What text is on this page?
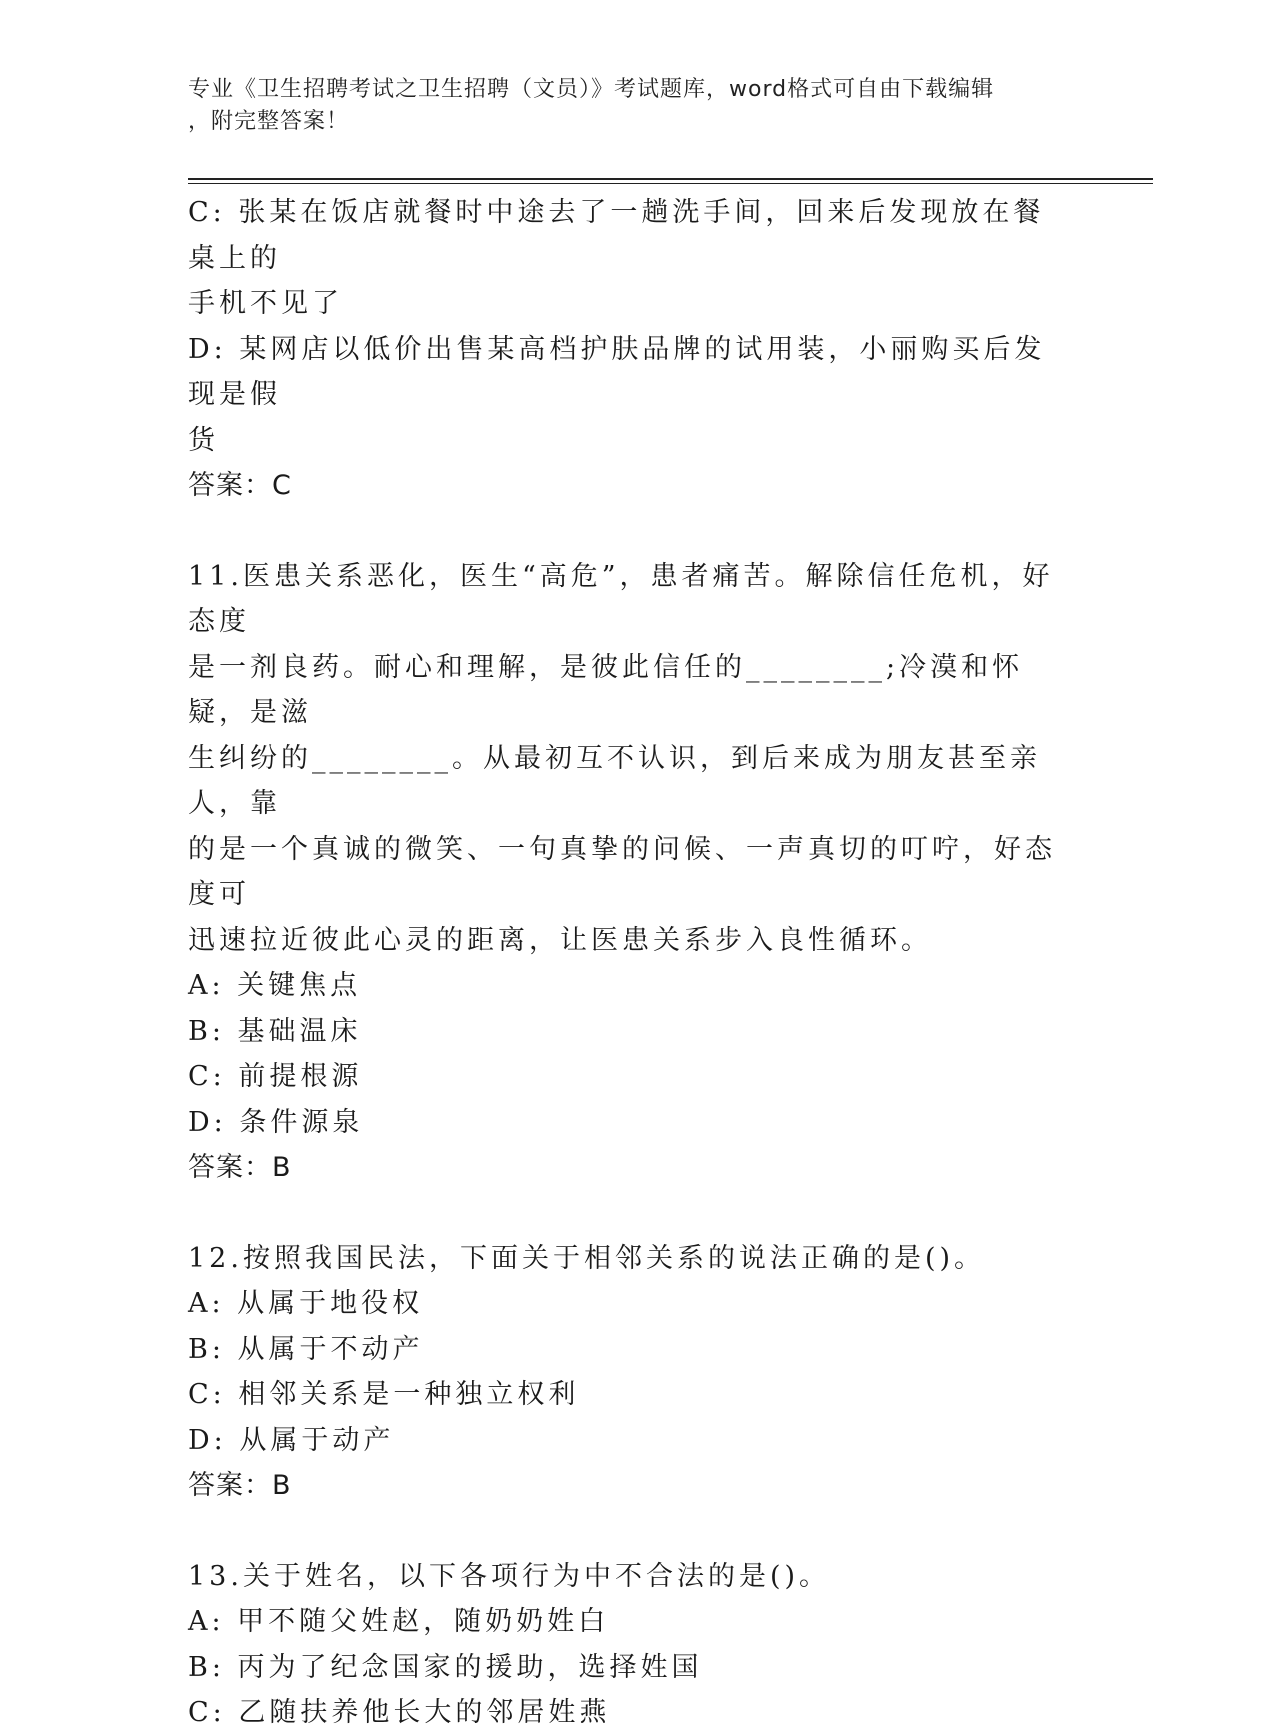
专业《卫生招聘考试之卫生招聘（文员）》考试题库，word格式可自由下载编辑
，附完整答案！

C: 张某在饭店就餐时中途去了一趟洗手间，回来后发现放在餐桌上的

手机不见了

D: 某网店以低价出售某高档护肤品牌的试用装，小丽购买后发现是假

货

答案：C

11.医患关系恶化，医生“高危”，患者痛苦。解除信任危机，好态度

是一剂良药。耐心和理解，是彼此信任的________;冷漠和怀疑，是滋

生纠纷的________。从最初互不认识，到后来成为朋友甚至亲人，靠

的是一个真诚的微笑、一句真挚的问候、一声真切的叮咛，好态度可

迅速拉近彼此心灵的距离，让医患关系步入良性循环。

A: 关键焦点

B: 基础温床

C: 前提根源

D: 条件源泉

答案：B

12.按照我国民法，下面关于相邻关系的说法正确的是()。

A: 从属于地役权

B: 从属于不动产

C: 相邻关系是一种独立权利

D: 从属于动产

答案：B

13.关于姓名，以下各项行为中不合法的是()。

A: 甲不随父姓赵，随奶奶姓白

B: 丙为了纪念国家的援助，选择姓国

C: 乙随扶养他长大的邻居姓燕
